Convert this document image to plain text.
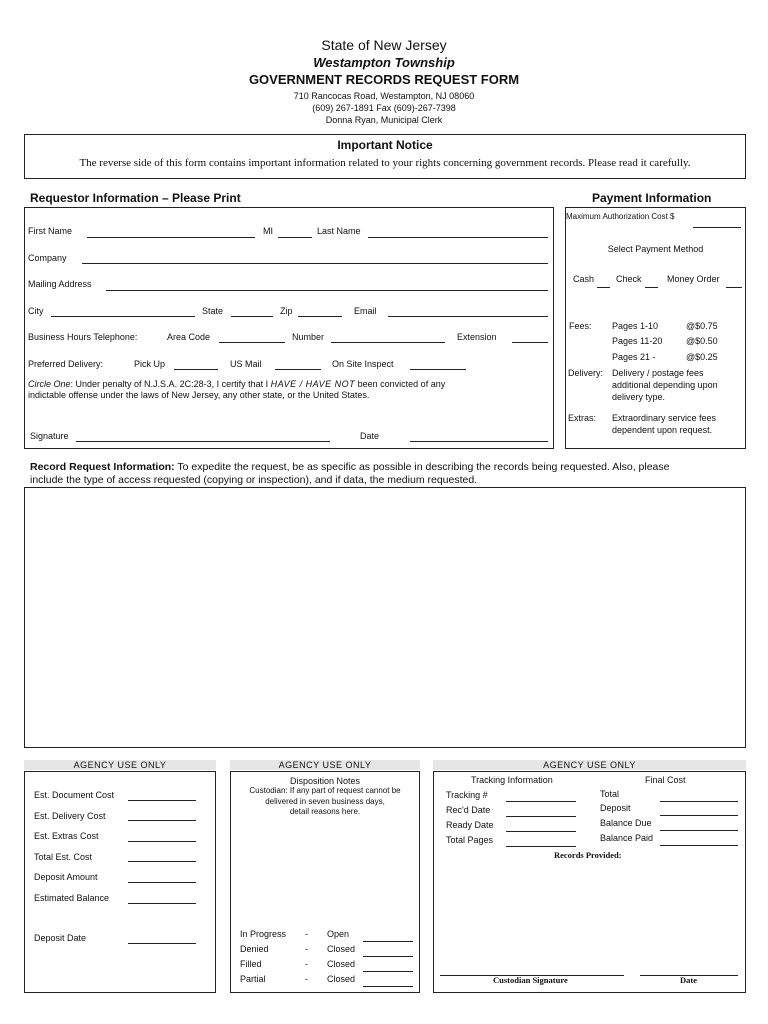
State of New Jersey
Westampton Township
GOVERNMENT RECORDS REQUEST FORM
710 Rancocas Road, Westampton, NJ 08060
(609) 267-1891 Fax (609)-267-7398
Donna Ryan, Municipal Clerk
Important Notice
The reverse side of this form contains important information related to your rights concerning government records. Please read it carefully.
Requestor Information – Please Print	Payment Information
First Name	MI	Last Name
Company
Mailing Address
City	State	Zip	Email
Business Hours Telephone:	Area Code	Number	Extension
Preferred Delivery:	Pick Up	US Mail	On Site Inspect
Circle One: Under penalty of N.J.S.A. 2C:28-3, I certify that I HAVE / HAVE NOT been convicted of any
indictable offense under the laws of New Jersey, any other state, or the United States.
Signature	Date
Maximum Authorization Cost $
Select Payment Method
Cash Check	Money Order
Fees: Pages 1-10	@$0.75
Pages 11-20	@$0.50
Pages 21 -	@$0.25
Delivery: Delivery / postage fees
additional depending upon
delivery type.
Extras: Extraordinary service fees
dependent upon request.
Record Request Information: To expedite the request, be as specific as possible in describing the records being requested. Also, please
include the type of access requested (copying or inspection), and if data, the medium requested.
AGENCY USE ONLY	AGENCY USE ONLY	AGENCY USE ONLY
Est. Document Cost
Est. Delivery Cost
Est. Extras Cost
Total Est. Cost
Deposit Amount
Estimated Balance
Deposit Date
Disposition Notes
Custodian: If any part of request cannot be
delivered in seven business days,
detail reasons here.
In Progress - Open
Denied	- Closed
Filled	- Closed
Partial	- Closed
Tracking Information	Final Cost
Tracking #
Rec'd Date
Ready Date
Total Pages
Total
Deposit
Balance Due
Balance Paid
Records Provided:
Custodian Signature	Date
